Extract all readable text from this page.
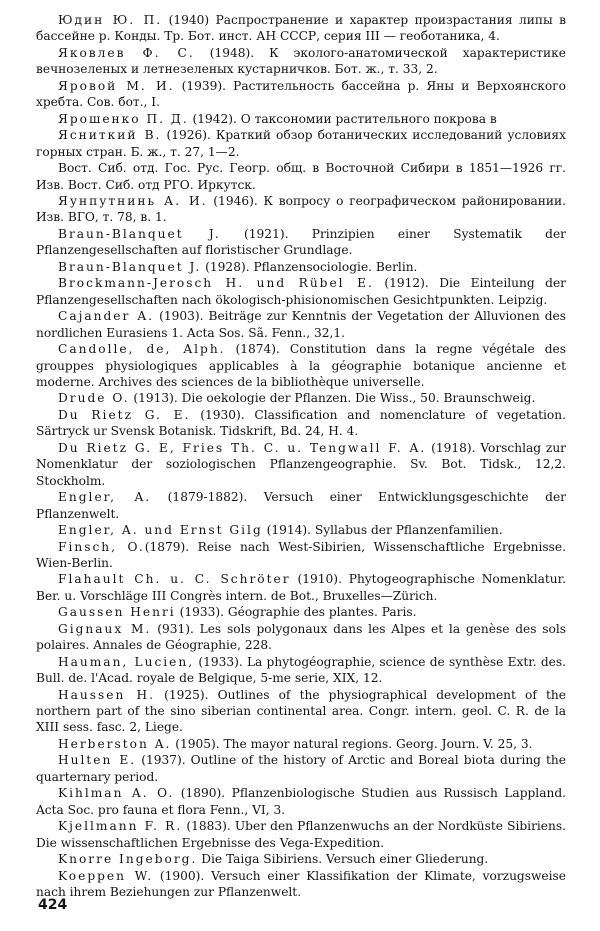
Юдин Ю. П. (1940) Распространение и характер произрастания липы в бассейне р. Конды. Тр. Бот. инст. АН СССР, серия III — геоботаника, 4.

Яковлев Ф. С. (1948). К эколого-анатомической характеристике вечнозеленых и летнезеленых кустарничков. Бот. ж., т. 33, 2.

Яровой М. И. (1939). Растительность бассейна р. Яны и Верхоянского хребта. Сов. бот., I.

Ярошенко П. Д. (1942). О таксономии растительного покрова в

Ясниткий В. (1926). Краткий обзор ботанических исследований условиях горных стран. Б. ж., т. 27, 1—2.

Вост. Сиб. отд. Гос. Рус. Геогр. общ. в Восточной Сибири в 1851—1926 гг. Изв. Вост. Сиб. отд РГО. Иркутск.

Яунпутнинь А. И. (1946). К вопросу о географическом районировании. Изв. ВГО, т. 78, в. 1.

Braun-Blanquet J. (1921). Prinzipien einer Systematik der Pflanzengesellschaften auf floristischer Grundlage.

Braun-Blanquet J. (1928). Pflanzensociologie. Berlin.

Brockmann-Jerosch H. und Rübel E. (1912). Die Einteilung der Pflanzengesellschaften nach ökologisch-phisionomischen Gesichtpunkten. Leipzig.

Cajander A. (1903). Beiträge zur Kenntnis der Vegetation der Alluvionen des nordlichen Eurasiens 1. Acta Sos. Sã. Fenn., 32,1.

Candolle, de, Alph. (1874). Constitution dans la regne végétale des grouppes physiologiques applicables à la géographie botanique ancienne et moderne. Archives des sciences de la bibliothèque universelle.

Drude O. (1913). Die oekologie der Pflanzen. Die Wiss., 50. Braunschweig.

Du Rietz G. E. (1930). Classification and nomenclature of vegetation. Särtryck ur Svensk Botanisk. Tidskrift, Bd. 24, H. 4.

Du Rietz G. E, Fries Th. C. u. Tengwall F. A. (1918). Vorschlag zur Nomenklatur der soziologischen Pflanzengeographie. Sv. Bot. Tidsk., 12,2. Stockholm.

Engler, A. (1879-1882). Versuch einer Entwicklungsgeschichte der Pflanzenwelt.

Engler, A. und Ernst Gilg (1914). Syllabus der Pflanzenfamilien.

Finsch, O.(1879). Reise nach West-Sibirien, Wissenschaftliche Ergebnisse. Wien-Berlin.

Flahault Ch. u. C. Schröter (1910). Phytogeographische Nomenklatur. Ber. u. Vorschläge III Congrès intern. de Bot., Bruxelles—Zürich.

Gaussen Henri (1933). Géographie des plantes. Paris.

Gignaux M. (931). Les sols polygonaux dans les Alpes et la genèse des sols polaires. Annales de Géographie, 228.

Hauman, Lucien, (1933). La phytogéographie, science de synthèse Extr. des. Bull. de. l'Acad. royale de Belgique, 5-me serie, XIX, 12.

Haussen H. (1925). Outlines of the physiographical development of the northern part of the sino siberian continental area. Congr. intern. geol. C. R. de la XIII sess. fasc. 2, Liege.

Herberston A. (1905). The mayor natural regions. Georg. Journ. V. 25, 3.

Hulten E. (1937). Outline of the history of Arctic and Boreal biota during the quarternary period.

Kihlman A. O. (1890). Pflanzenbiologische Studien aus Russisch Lappland. Acta Soc. pro fauna et flora Fenn., VI, 3.

Kjellmann F. R. (1883). Uber den Pflanzenwuchs an der Nordküste Sibiriens. Die wissenschaftlichen Ergebnisse des Vega-Expedition.

Knorre Ingeborg. Die Taiga Sibiriens. Versuch einer Gliederung.

Koeppen W. (1900). Versuch einer Klassifikation der Klimate, vorzugsweise nach ihrem Beziehungen zur Pflanzenwelt.

424
